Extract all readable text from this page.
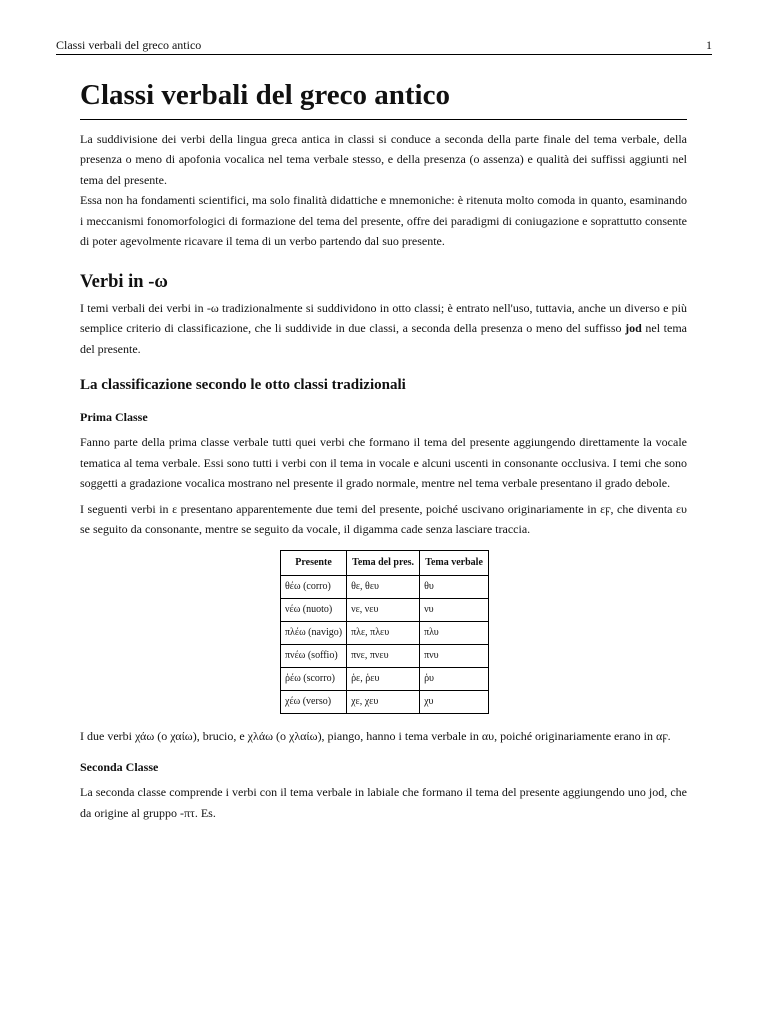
Classi verbali del greco antico	1
Classi verbali del greco antico

La suddivisione dei verbi della lingua greca antica in classi si conduce a seconda della parte finale del tema verbale, della presenza o meno di apofonia vocalica nel tema verbale stesso, e della presenza (o assenza) e qualità dei suffissi aggiunti nel tema del presente.

Essa non ha fondamenti scientifici, ma solo finalità didattiche e mnemoniche: è ritenuta molto comoda in quanto, esaminando i meccanismi fonomorfologici di formazione del tema del presente, offre dei paradigmi di coniugazione e soprattutto consente di poter agevolmente ricavare il tema di un verbo partendo dal suo presente.

Verbi in -ω

I temi verbali dei verbi in -ω tradizionalmente si suddividono in otto classi; è entrato nell'uso, tuttavia, anche un diverso e più semplice criterio di classificazione, che li suddivide in due classi, a seconda della presenza o meno del suffisso jod nel tema del presente.

La classificazione secondo le otto classi tradizionali
Prima Classe

Fanno parte della prima classe verbale tutti quei verbi che formano il tema del presente aggiungendo direttamente la vocale tematica al tema verbale. Essi sono tutti i verbi con il tema in vocale e alcuni uscenti in consonante occlusiva. I temi che sono soggetti a gradazione vocalica mostrano nel presente il grado normale, mentre nel tema verbale presentano il grado debole.

I seguenti verbi in ε presentano apparentemente due temi del presente, poiché uscivano originariamente in εϝ, che diventa ευ se seguito da consonante, mentre se seguito da vocale, il digamma cade senza lasciare traccia.

Presente	Tema del pres.	Tema verbale
θέω (corro)	θε, θευ	θυ
νέω (nuoto)	νε, νευ	νυ
πλέω (navigo)	πλε, πλευ	πλυ
πνέω (soffio)	πνε, πνευ	πνυ
ῥέω (scorro)	ῥε, ῥευ	ῥυ
χέω (verso)	χε, χευ	χυ

I due verbi χάω (o χαίω), brucio, e χλάω (o χλαίω), piango, hanno i tema verbale in αυ, poiché originariamente erano in αϝ.

Seconda Classe

La seconda classe comprende i verbi con il tema verbale in labiale che formano il tema del presente aggiungendo uno jod, che da origine al gruppo -πτ. Es.
